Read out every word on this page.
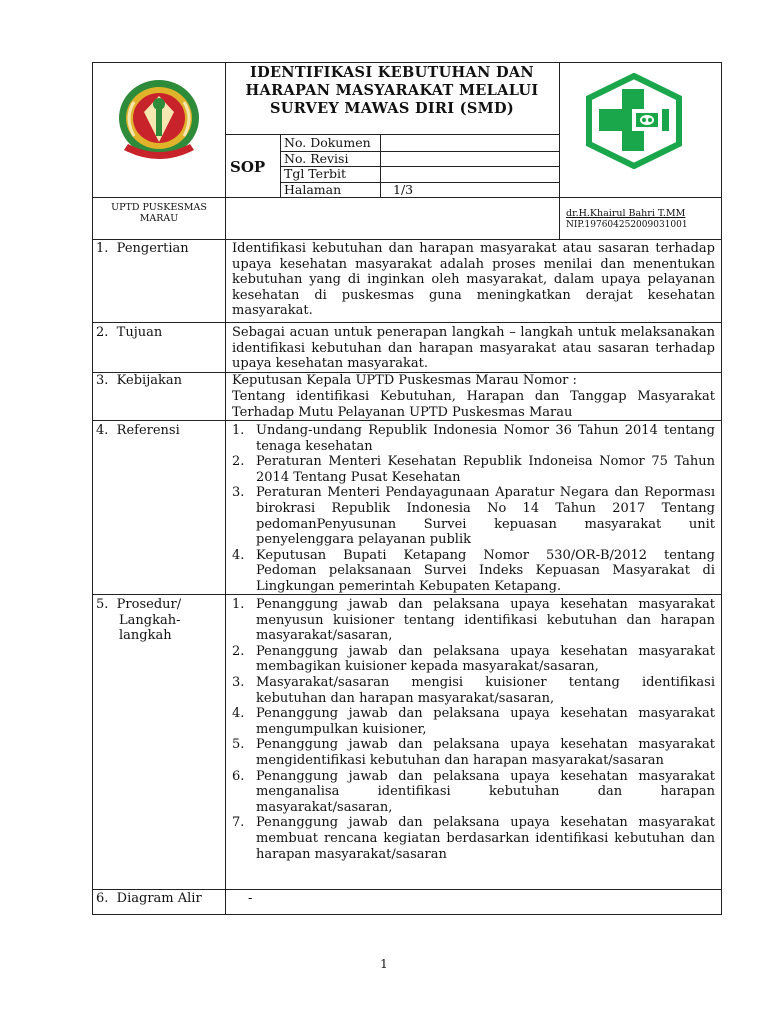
KABUPATEN KETAPANG
IDENTIFIKASI KEBUTUHAN DAN HARAPAN MASYARAKAT MELALUI SURVEY MAWAS DIRI (SMD)
SOP
No. Dokumen
No. Revisi
Tgl Terbit
Halaman	1/3
UPTD PUSKESMAS MARAU	dr.H.Khairul Bahri T.MM
NIP.197604252009031001
1.  Pengertian	Identifikasi kebutuhan dan harapan masyarakat atau sasaran terhadap upaya kesehatan masyarakat adalah proses menilai dan menentukan kebutuhan yang di inginkan oleh masyarakat, dalam upaya pelayanan kesehatan di puskesmas guna meningkatkan derajat kesehatan masyarakat.
2.  Tujuan	Sebagai acuan untuk penerapan langkah – langkah untuk melaksanakan identifikasi kebutuhan dan harapan masyarakat atau sasaran terhadap upaya kesehatan masyarakat.
3.  Kebijakan	Keputusan Kepala UPTD Puskesmas Marau Nomor :
Tentang identifikasi Kebutuhan, Harapan dan Tanggap Masyarakat Terhadap Mutu Pelayanan UPTD Puskesmas Marau
4.  Referensi	1. Undang-undang Republik Indonesia Nomor 36 Tahun 2014 tentang tenaga kesehatan
2. Peraturan Menteri Kesehatan Republik Indoneisa Nomor 75 Tahun 2014 Tentang Pusat Kesehatan
3. Peraturan Menteri Pendayagunaan Aparatur Negara dan Reporması birokrasi Republik Indonesia No 14 Tahun 2017 Tentang pedomanPenyusunan Survei kepuasan masyarakat unit penyelenggara pelayanan publik
4. Keputusan Bupati Ketapang Nomor 530/OR-B/2012 tentang Pedoman pelaksanaan Survei Indeks Kepuasan Masyarakat di Lingkungan pemerintah Kebupaten Ketapang.
5.  Prosedur/
Langkah-
langkah
1. Penanggung jawab dan pelaksana upaya kesehatan masyarakat menyusun kuisioner tentang identifikasi kebutuhan dan harapan masyarakat/sasaran,
2. Penanggung jawab dan pelaksana upaya kesehatan masyarakat membagikan kuisioner kepada masyarakat/sasaran,
3. Masyarakat/sasaran mengisi kuisioner tentang identifikasi kebutuhan dan harapan masyarakat/sasaran,
4. Penanggung jawab dan pelaksana upaya kesehatan masyarakat mengumpulkan kuisioner,
5. Penanggung jawab dan pelaksana upaya kesehatan masyarakat mengidentifikasi kebutuhan dan harapan masyarakat/sasaran
6. Penanggung jawab dan pelaksana upaya kesehatan masyarakat menganalisa identifikasi kebutuhan dan harapan masyarakat/sasaran,
7. Penanggung jawab dan pelaksana upaya kesehatan masyarakat membuat rencana kegiatan berdasarkan identifikasi kebutuhan dan harapan masyarakat/sasaran
6.  Diagram Alir	-
1
